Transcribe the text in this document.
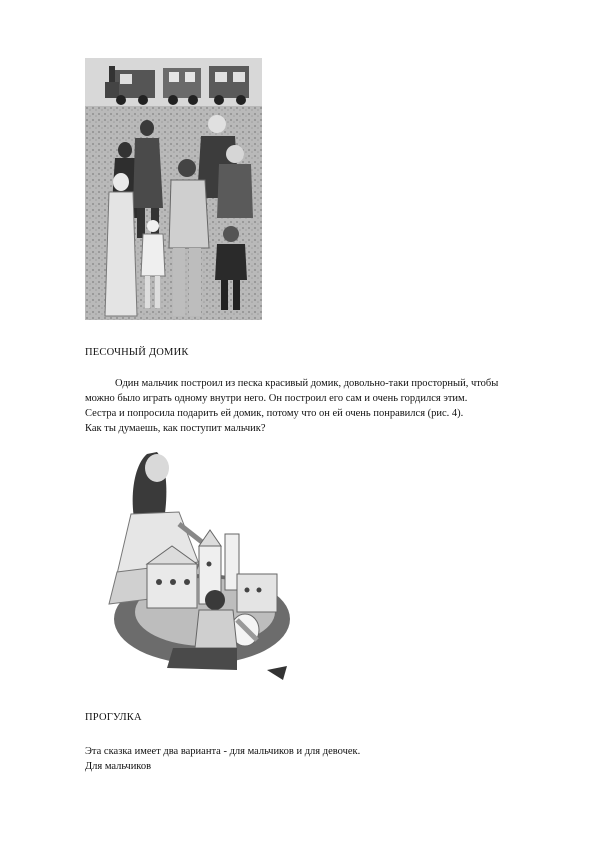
ПЕСОЧНЫЙ ДОМИК

Один мальчик построил из песка красивый домик, довольно-таки просторный, чтобы

можно было играть одному внутри него. Он построил его сам и очень гордился этим.

Сестра и попросила подарить ей домик, потому что он ей очень понравился (рис. 4).

Как ты думаешь, как поступит мальчик?

ПРОГУЛКА

Эта сказка имеет два варианта - для мальчиков и для девочек.

Для мальчиков
